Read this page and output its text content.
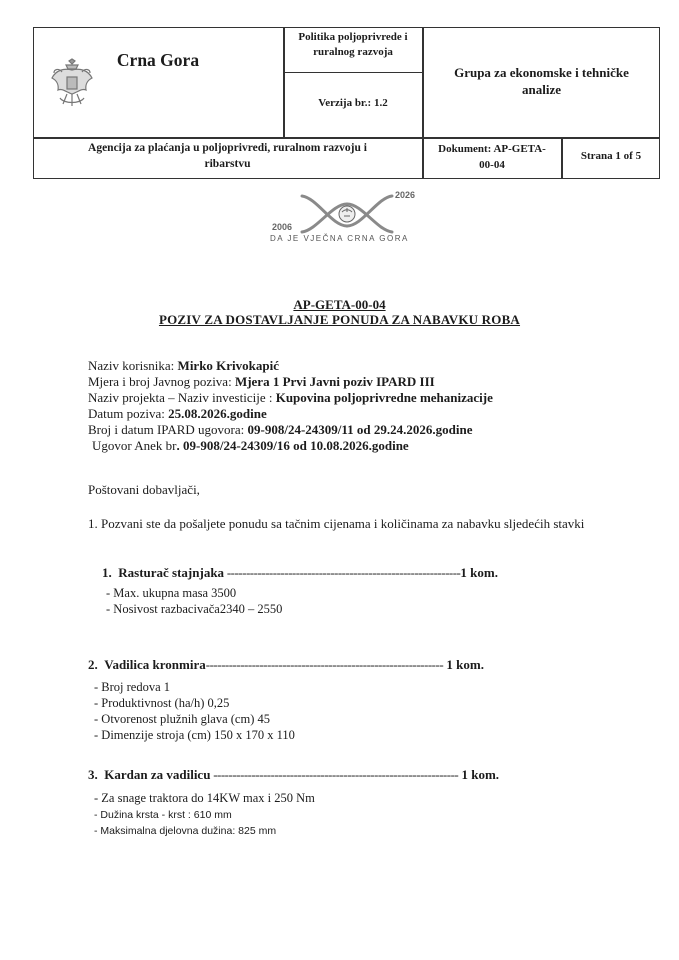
Crna Gora
Politika poljoprivrede i
ruralnog razvoja
Verzija br.: 1.2
Grupa za ekonomske i tehničke
analize
Agencija za plaćanja u poljoprivredi, ruralnom razvoju i
ribarstvu
Dokument: AP-GETA-
00-04
Strana 1 of 5
2006
2026
DA JE VJEČNA CRNA GORA
AP-GETA-00-04
POZIV ZA DOSTAVLJANJE PONUDA ZA NABAVKU ROBA
Naziv korisnika: Mirko Krivokapić
Mjera i broj Javnog poziva: Mjera 1 Prvi Javni poziv IPARD III
Naziv projekta – Naziv investicije : Kupovina poljoprivredne mehanizacije
Datum poziva: 25.08.2026.godine
Broj i datum IPARD ugovora: 09-908/24-24309/11 od 29.24.2026.godine
Ugovor Anek br. 09-908/24-24309/16 od 10.08.2026.godine
Poštovani dobavljači,
1. Pozvani ste da pošaljete ponudu sa tačnim cijenama i količinama za nabavku sljedećih stavki
1. Rasturač stajnjaka -------------------------------------------------------------1 kom.
- Max. ukupna masa 3500
- Nosivost razbacivača2340 – 2550
2. Vadilica kronmira-------------------------------------------------------------- 1 kom.
- Broj redova 1
- Produktivnost (ha/h) 0,25
- Otvorenost plužnih glava (cm) 45
- Dimenzije stroja (cm) 150 x 170 x 110
3. Kardan za vadilicu ---------------------------------------------------------------- 1 kom.
- Za snage traktora do 14KW max i 250 Nm
- Dužina krsta - krst : 610 mm
- Maksimalna djelovna dužina: 825 mm
